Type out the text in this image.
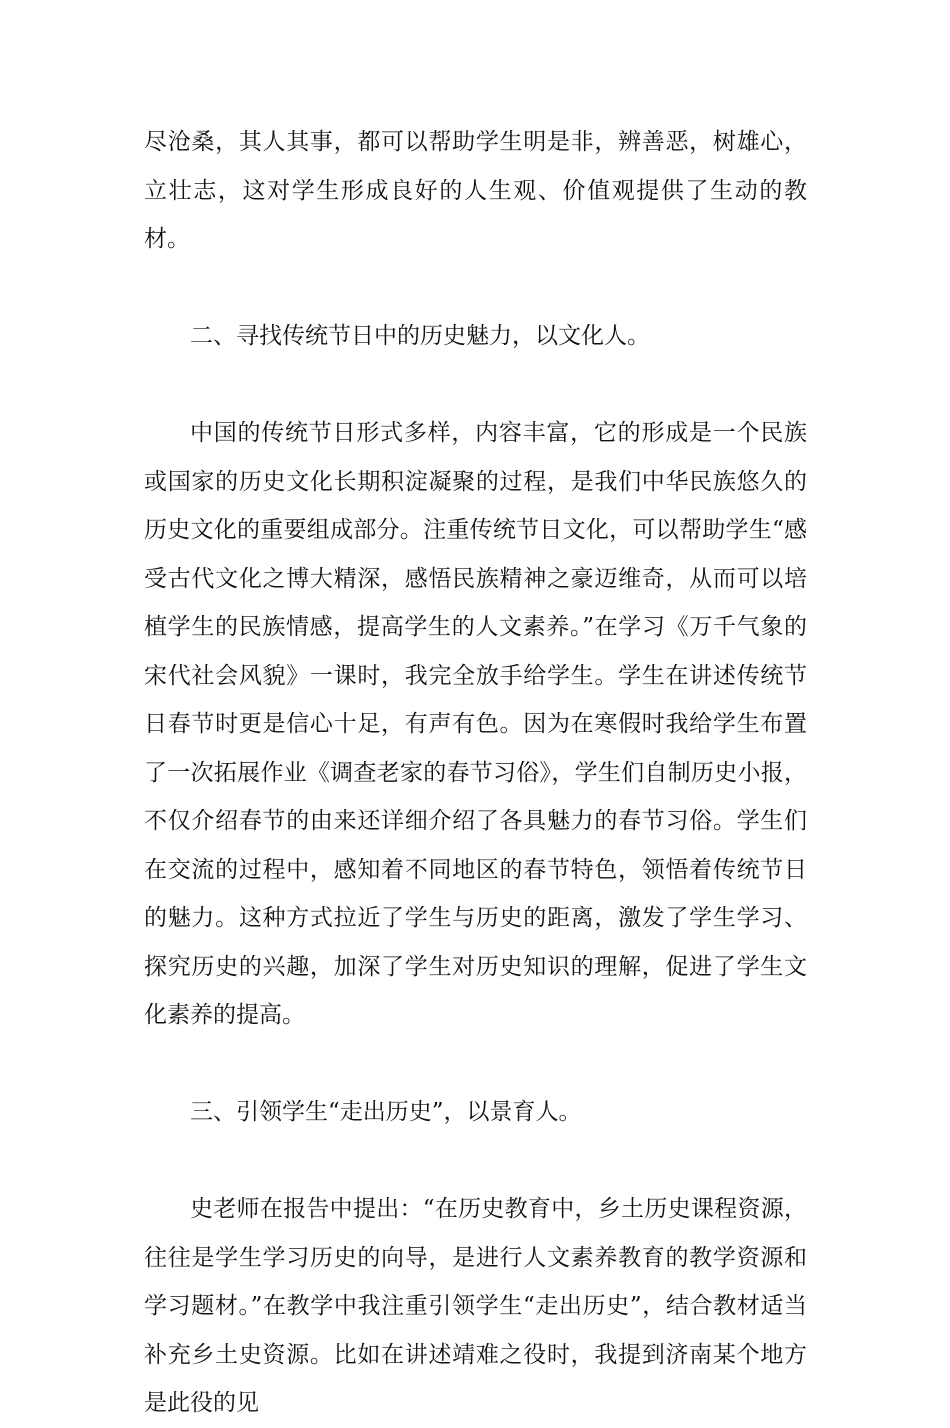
尽沧桑，其人其事，都可以帮助学生明是非，辨善恶，树雄心，立壮志，这对学生形成良好的人生观、价值观提供了生动的教材。

二、寻找传统节日中的历史魅力，以文化人。

中国的传统节日形式多样，内容丰富，它的形成是一个民族或国家的历史文化长期积淀凝聚的过程，是我们中华民族悠久的历史文化的重要组成部分。注重传统节日文化，可以帮助学生“感受古代文化之博大精深，感悟民族精神之豪迈维奇，从而可以培植学生的民族情感，提高学生的人文素养。”在学习《万千气象的宋代社会风貌》一课时，我完全放手给学生。学生在讲述传统节日春节时更是信心十足，有声有色。因为在寒假时我给学生布置了一次拓展作业《调查老家的春节习俗》，学生们自制历史小报，不仅介绍春节的由来还详细介绍了各具魅力的春节习俗。学生们在交流的过程中，感知着不同地区的春节特色，领悟着传统节日的魅力。这种方式拉近了学生与历史的距离，激发了学生学习、探究历史的兴趣，加深了学生对历史知识的理解，促进了学生文化素养的提高。

三、引领学生“走出历史”，以景育人。

史老师在报告中提出：“在历史教育中，乡土历史课程资源，往往是学生学习历史的向导，是进行人文素养教育的教学资源和学习题材。”在教学中我注重引领学生“走出历史”，结合教材适当补充乡土史资源。比如在讲述靖难之役时，我提到济南某个地方是此役的见
